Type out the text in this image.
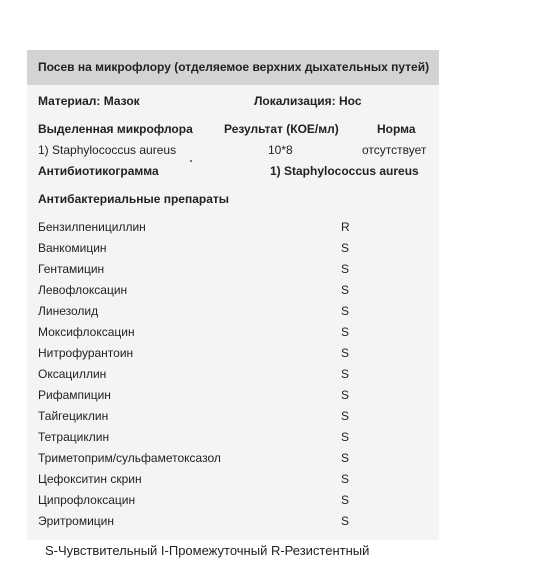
Посев на микрофлору (отделяемое верхних дыхательных путей)
Материал: Мазок	Локализация: Нос
Выделенная микрофлора	Результат (КОЕ/мл)	Норма
1) Staphylococcus aureus	10*8	отсутствует
Антибиотикограмма	1) Staphylococcus aureus
Антибактериальные препараты
Бензилпенициллин	R
Ванкомицин	S
Гентамицин	S
Левофлоксацин	S
Линезолид	S
Моксифлоксацин	S
Нитрофурантоин	S
Оксациллин	S
Рифампицин	S
Тайгециклин	S
Тетрациклин	S
Триметоприм/сульфаметоксазол	S
Цефокситин скрин	S
Ципрофлоксацин	S
Эритромицин	S
S-Чувствительный I-Промежуточный R-Резистентный
